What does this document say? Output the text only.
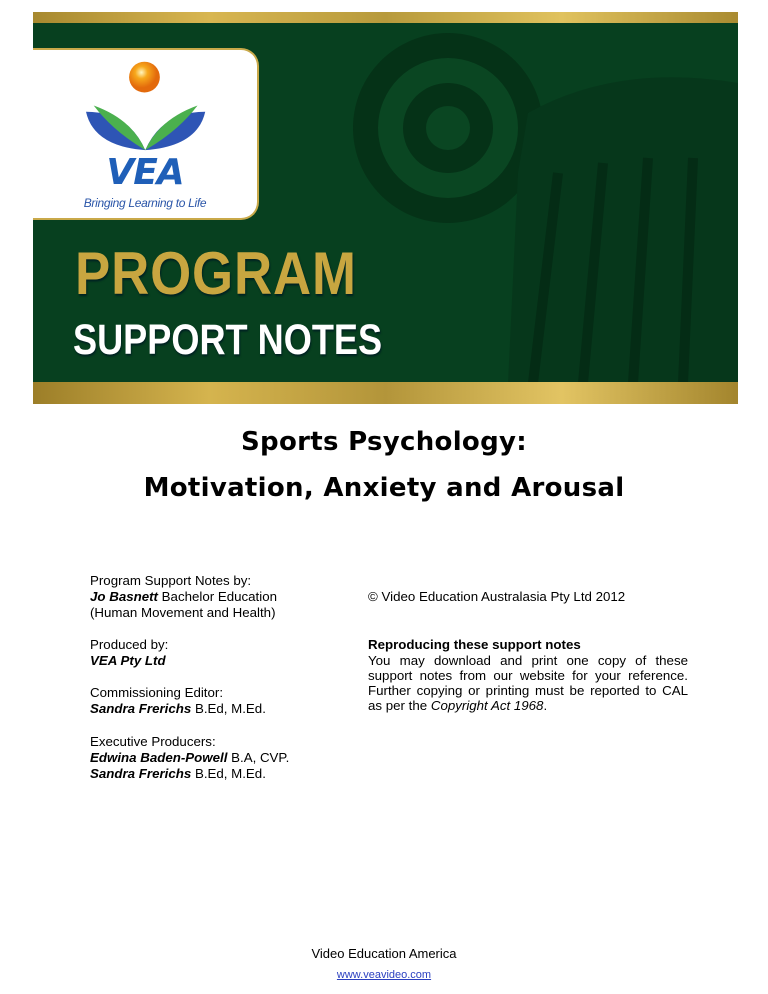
VEA
Bringing Learning to Life
PROGRAM
SUPPORT NOTES
Sports Psychology:
Motivation, Anxiety and Arousal
Program Support Notes by:
Jo Basnett Bachelor Education
(Human Movement and Health)
Produced by:
VEA Pty Ltd
Commissioning Editor:
Sandra Frerichs B.Ed, M.Ed.
Executive Producers:
Edwina Baden-Powell B.A, CVP.
Sandra Frerichs B.Ed, M.Ed.
© Video Education Australasia Pty Ltd 2012
Reproducing these support notes
You may download and print one copy of these support notes from our website for your reference. Further copying or printing must be reported to CAL as per the Copyright Act 1968.
Video Education America
www.veavideo.com
